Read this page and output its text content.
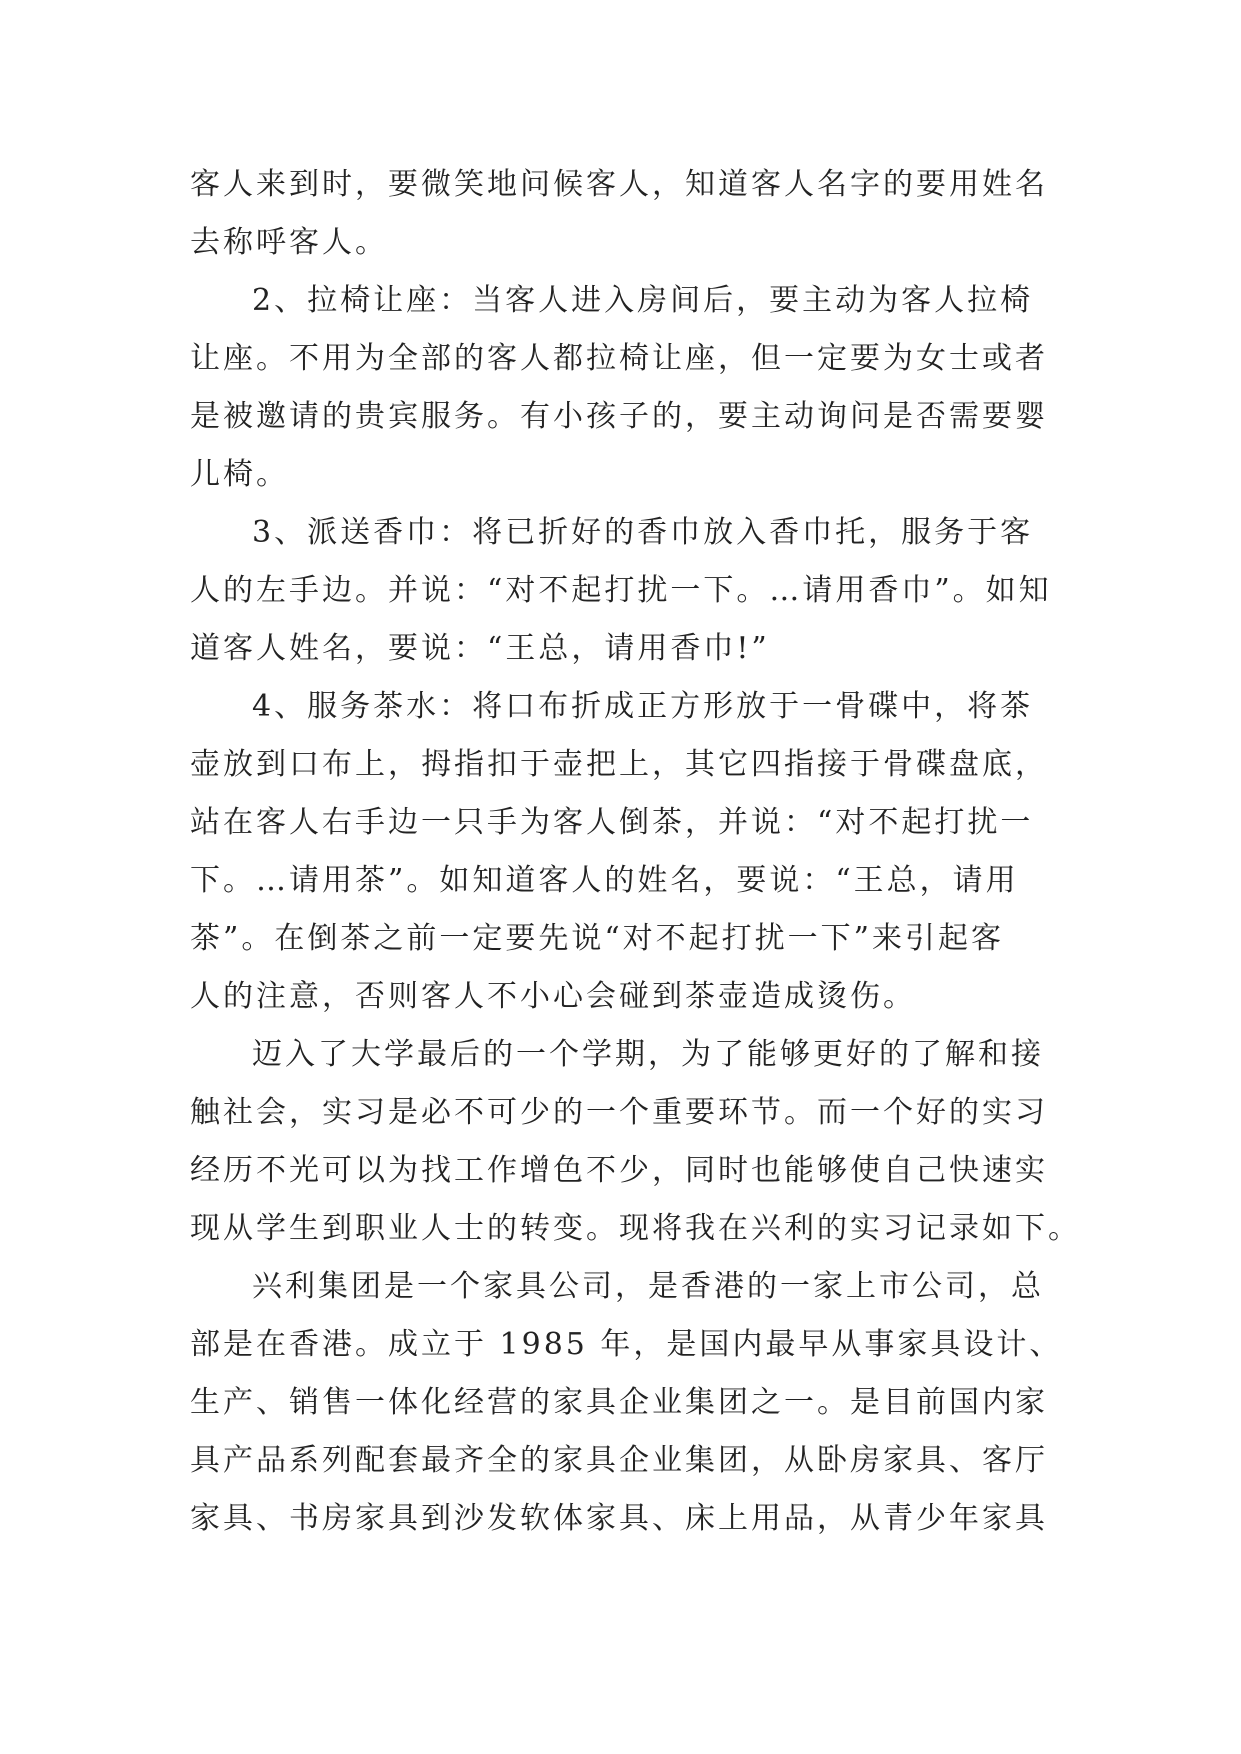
客人来到时，要微笑地问候客人，知道客人名字的要用姓名
去称呼客人。
2、拉椅让座：当客人进入房间后，要主动为客人拉椅
让座。不用为全部的客人都拉椅让座，但一定要为女士或者
是被邀请的贵宾服务。有小孩子的，要主动询问是否需要婴
儿椅。
3、派送香巾：将已折好的香巾放入香巾托，服务于客
人的左手边。并说：“对不起打扰一下。…请用香巾”。如知
道客人姓名，要说：“王总，请用香巾!”
4、服务茶水：将口布折成正方形放于一骨碟中，将茶
壶放到口布上，拇指扣于壶把上，其它四指接于骨碟盘底，
站在客人右手边一只手为客人倒茶，并说：“对不起打扰一
下。…请用茶”。如知道客人的姓名，要说：“王总，请用
茶”。在倒茶之前一定要先说“对不起打扰一下”来引起客
人的注意，否则客人不小心会碰到茶壶造成烫伤。
迈入了大学最后的一个学期，为了能够更好的了解和接
触社会，实习是必不可少的一个重要环节。而一个好的实习
经历不光可以为找工作增色不少，同时也能够使自己快速实
现从学生到职业人士的转变。现将我在兴利的实习记录如下。
兴利集团是一个家具公司，是香港的一家上市公司，总
部是在香港。成立于 1985 年，是国内最早从事家具设计、
生产、销售一体化经营的家具企业集团之一。是目前国内家
具产品系列配套最齐全的家具企业集团，从卧房家具、客厅
家具、书房家具到沙发软体家具、床上用品，从青少年家具
